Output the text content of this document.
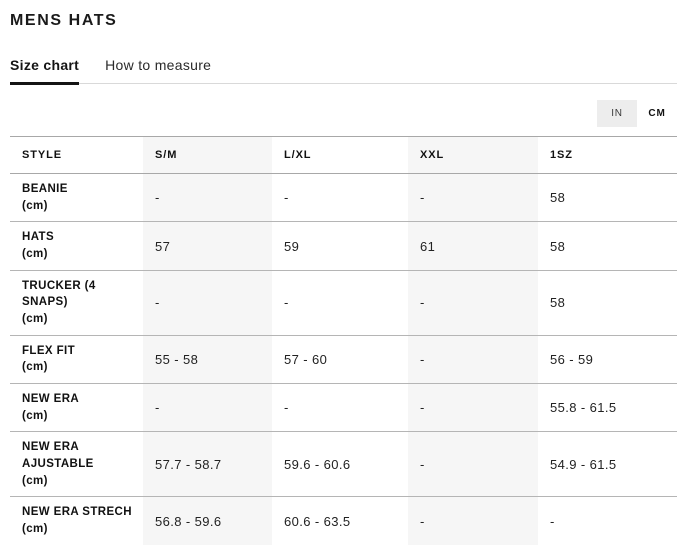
MENS HATS
Size chart How to measure
IN	CM
STYLE	S/M	L/XL	XXL	1SZ

BEANIE
(cm)	-	-	-	58

HATS
(cm)	57	59	61	58

TRUCKER (4 SNAPS)
(cm)	-	-	-	58

FLEX FIT
(cm)	55 - 58	57 - 60	-	56 - 59

NEW ERA
(cm)	-	-	-	55.8 - 61.5

NEW ERA AJUSTABLE
(cm)	57.7 - 58.7	59.6 - 60.6	-	54.9 - 61.5

NEW ERA STRECH
(cm)	56.8 - 59.6	60.6 - 63.5	-	-
